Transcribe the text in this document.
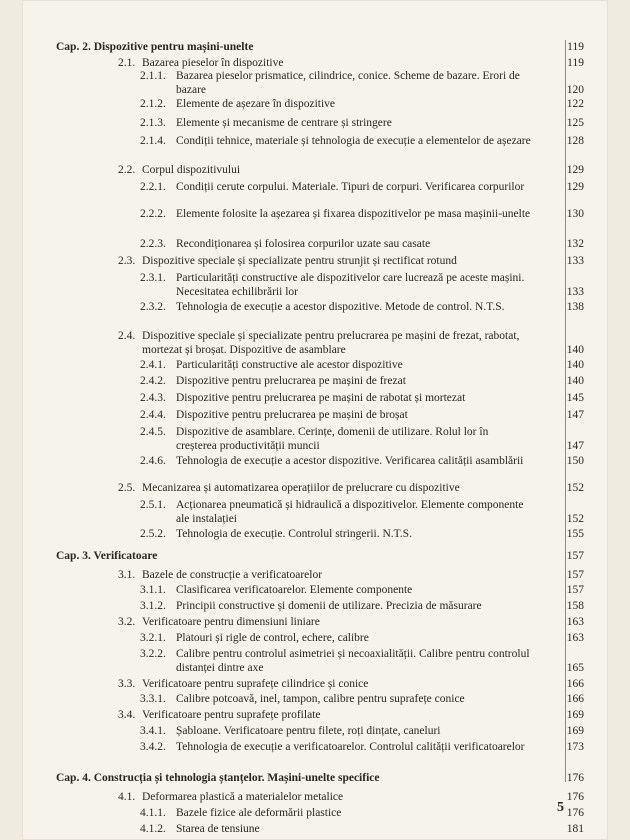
Cap. 2. Dispozitive pentru mașini-unelte	119
2.1. Bazarea pieselor în dispozitive	119
2.1.1. Bazarea pieselor prismatice, cilindrice, conice. Scheme de bazare. Erori de bazare	120
2.1.2. Elemente de așezare în dispozitive	122
2.1.3. Elemente și mecanisme de centrare și stringere	125
2.1.4. Condiții tehnice, materiale și tehnologia de execuție a elementelor de așezare	128
2.2. Corpul dispozitivului	129
2.2.1. Condiții cerute corpului. Materiale. Tipuri de corpuri. Verificarea corpurilor	129
2.2.2. Elemente folosite la așezarea și fixarea dispozitivelor pe masa mașinii-unelte	130
2.2.3. Recondiționarea și folosirea corpurilor uzate sau casate	132
2.3. Dispozitive speciale și specializate pentru strunjit și rectificat rotund	133
2.3.1. Particularități constructive ale dispozitivelor care lucrează pe aceste mașini. Necesitatea echilibrării lor	133
2.3.2. Tehnologia de execuție a acestor dispozitive. Metode de control. N.T.S.	138
2.4. Dispozitive speciale și specializate pentru prelucrarea pe mașini de frezat, rabotat, mortezat și broșat. Dispozitive de asamblare	140
2.4.1. Particularități constructive ale acestor dispozitive	140
2.4.2. Dispozitive pentru prelucrarea pe mașini de frezat	140
2.4.3. Dispozitive pentru prelucrarea pe mașini de rabotat și mortezat	145
2.4.4. Dispozitive pentru prelucrarea pe mașini de broșat	147
2.4.5. Dispozitive de asamblare. Cerințe, domenii de utilizare. Rolul lor în creșterea productivității muncii	147
2.4.6. Tehnologia de execuție a acestor dispozitive. Verificarea calității asamblării	150
2.5. Mecanizarea și automatizarea operațiilor de prelucrare cu dispozitive	152
2.5.1. Acționarea pneumatică și hidraulică a dispozitivelor. Elemente componente ale instalației	152
2.5.2. Tehnologia de execuție. Controlul stringerii. N.T.S.	155
Cap. 3. Verificatoare	157
3.1. Bazele de construcție a verificatoarelor	157
3.1.1. Clasificarea verificatoarelor. Elemente componente	157
3.1.2. Principii constructive și domenii de utilizare. Precizia de măsurare	158
3.2. Verificatoare pentru dimensiuni liniare	163
3.2.1. Platouri și rigle de control, echere, calibre	163
3.2.2. Calibre pentru controlul asimetriei și necoaxialității. Calibre pentru controlul distanței dintre axe	165
3.3. Verificatoare pentru suprafețe cilindrice și conice	166
3.3.1. Calibre potcoavă, inel, tampon, calibre pentru suprafețe conice	166
3.4. Verificatoare pentru suprafețe profilate	169
3.4.1. Șabloane. Verificatoare pentru filete, roți dințate, caneluri	169
3.4.2. Tehnologia de execuție a verificatoarelor. Controlul calității verificatoarelor	173
Cap. 4. Construcția și tehnologia ștanțelor. Mașini-unelte specifice	176
4.1. Deformarea plastică a materialelor metalice	176
4.1.1. Bazele fizice ale deformării plastice	176
4.1.2. Starea de tensiune	181
5
